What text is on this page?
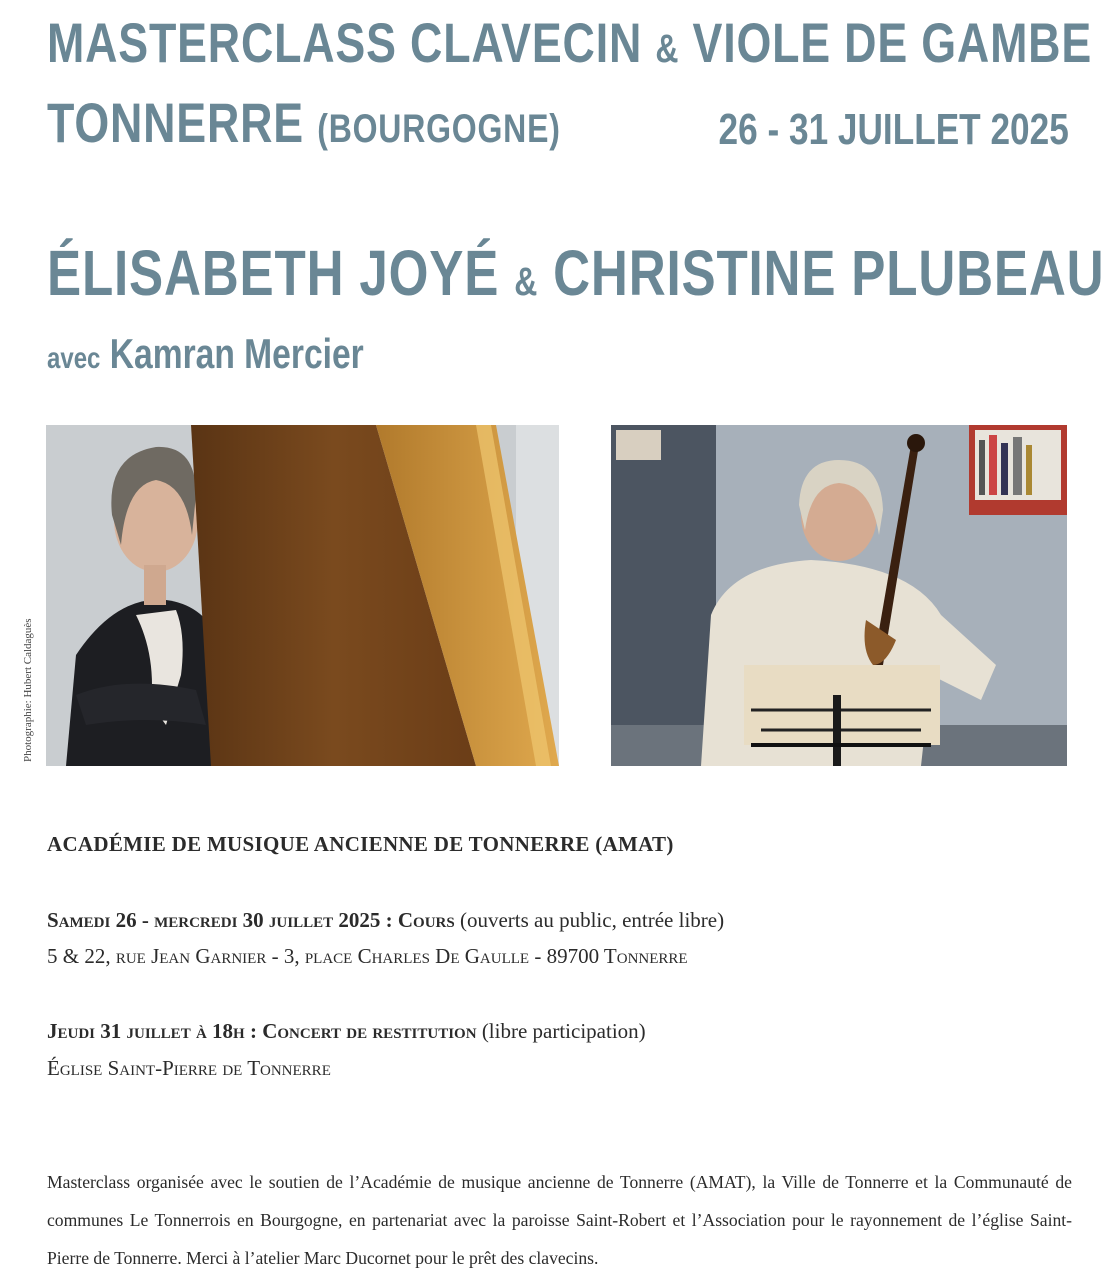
MASTERCLASS CLAVECIN & VIOLE DE GAMBE
TONNERRE (BOURGOGNE)	26 - 31 JUILLET 2025
ÉLISABETH JOYÉ & CHRISTINE PLUBEAU
avec Kamran Mercier
Photographie: Hubert Caldaguès
ACADÉMIE DE MUSIQUE ANCIENNE DE TONNERRE (AMAT)
Samedi 26 - mercredi 30 juillet 2025 : Cours (ouverts au public, entrée libre)
5 & 22, rue Jean Garnier - 3, place Charles De Gaulle - 89700 Tonnerre
Jeudi 31 juillet à 18h : Concert de restitution (libre participation)
Église Saint-Pierre de Tonnerre
Masterclass organisée avec le soutien de l’Académie de musique ancienne de Tonnerre (AMAT), la Ville de Tonnerre et la Communauté de communes Le Tonnerrois en Bourgogne, en partenariat avec la paroisse Saint-Robert et l’Association pour le rayonnement de l’église Saint-Pierre de Tonnerre. Merci à l’atelier Marc Ducornet pour le prêt des clavecins.
